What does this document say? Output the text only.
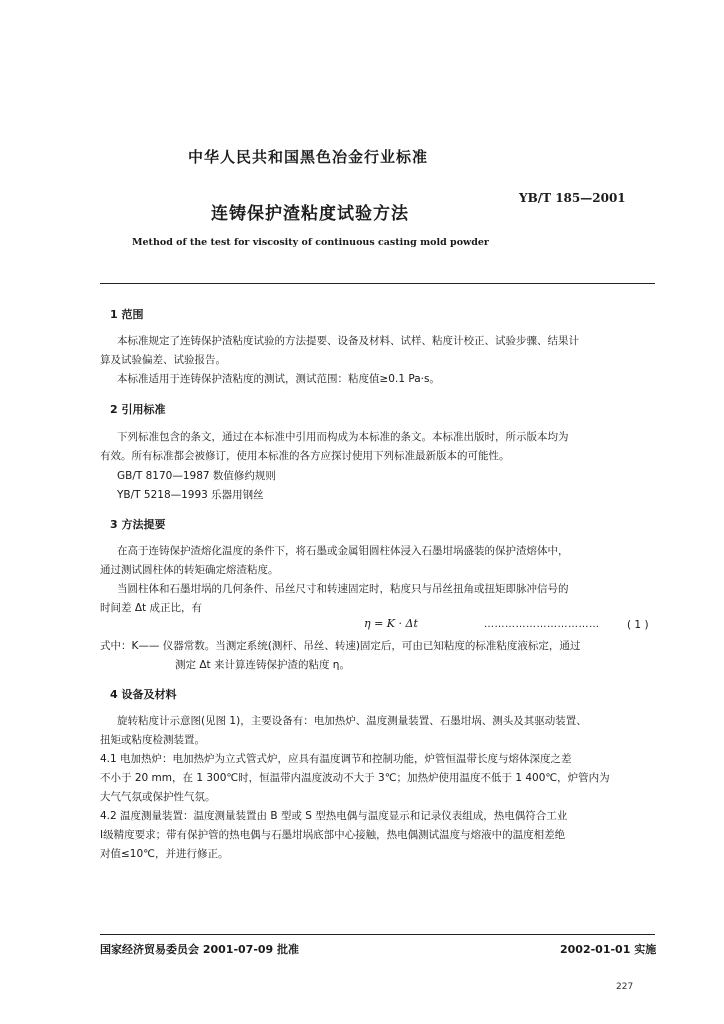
中华人民共和国黑色冶金行业标准
YB/T 185—2001
连铸保护渣粘度试验方法
Method of the test for viscosity of continuous casting mold powder
1 范围
本标准规定了连铸保护渣粘度试验的方法提要、设备及材料、试样、粘度计校正、试验步骤、结果计
算及试验偏差、试验报告。
本标准适用于连铸保护渣粘度的测试，测试范围：粘度值≥0.1 Pa·s。
2 引用标准
下列标准包含的条文，通过在本标准中引用而构成为本标准的条文。本标准出版时，所示版本均为
有效。所有标准都会被修订，使用本标准的各方应探讨使用下列标准最新版本的可能性。
GB/T 8170—1987 数值修约规则
YB/T 5218—1993 乐器用钢丝
3 方法提要
在高于连铸保护渣熔化温度的条件下，将石墨或金属钼圆柱体浸入石墨坩埚盛装的保护渣熔体中，
通过测试圆柱体的转矩确定熔渣粘度。
当圆柱体和石墨坩埚的几何条件、吊丝尺寸和转速固定时，粘度只与吊丝扭角或扭矩即脉冲信号的
时间差 Δt 成正比，有
η = K · Δt	……………………………	( 1 )
式中：K—— 仪器常数。当测定系统(测杆、吊丝、转速)固定后，可由已知粘度的标准粘度液标定，通过
测定 Δt 来计算连铸保护渣的粘度 η。
4 设备及材料
旋转粘度计示意图(见图 1)，主要设备有：电加热炉、温度测量装置、石墨坩埚、测头及其驱动装置、
扭矩或粘度检测装置。
4.1 电加热炉：电加热炉为立式管式炉，应具有温度调节和控制功能，炉管恒温带长度与熔体深度之差
不小于 20 mm，在 1 300℃时，恒温带内温度波动不大于 3℃；加热炉使用温度不低于 1 400℃，炉管内为
大气气氛或保护性气氛。
4.2 温度测量装置：温度测量装置由 B 型或 S 型热电偶与温度显示和记录仪表组成，热电偶符合工业
Ⅰ级精度要求；带有保护管的热电偶与石墨坩埚底部中心接触，热电偶测试温度与熔液中的温度相差绝
对值≤10℃，并进行修正。
国家经济贸易委员会 2001-07-09 批准	2002-01-01 实施
227
